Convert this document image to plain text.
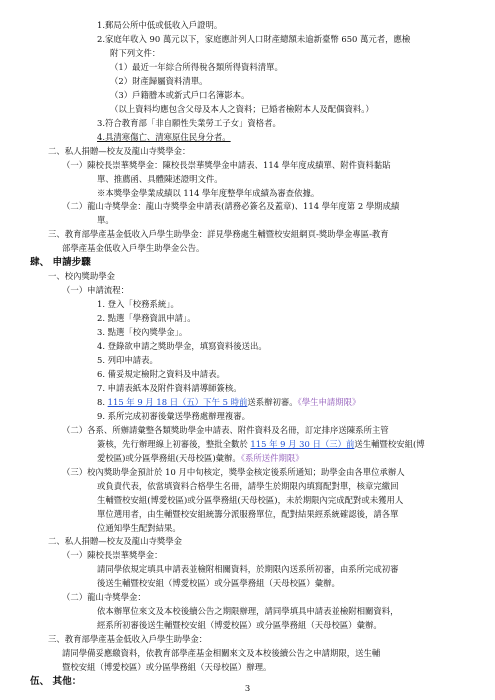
1.郵局公所中低或低收入戶證明。
2.家庭年收入 90 萬元以下，家庭應計列人口財產總額未逾新臺幣 650 萬元者，應檢
附下列文件：
（1）最近一年綜合所得稅各類所得資料清單。
（2）財產歸屬資料清單。
（3）戶籍謄本或新式戶口名簿影本。
（以上資料均應包含父母及本人之資料；已婚者檢附本人及配偶資料。）
3.符合教育部「非自願性失業勞工子女」資格者。
4.具清寒傷亡、清寒原住民身分者。
二、私人捐贈—校友及龍山寺獎學金：
（一）陳校長崇華獎學金：陳校長崇華獎學金申請表、114 學年度成績單、附件資料黏貼
單、推薦函、具體陳述證明文件。
※本獎學金學業成績以 114 學年度整學年成績為審查依據。
（二）龍山寺獎學金：龍山寺獎學金申請表(請務必簽名及蓋章)、114 學年度第 2 學期成績
單。
三、教育部學產基金低收入戶學生助學金：詳見學務處生輔暨校安組網頁-獎助學金專區-教育
部學產基金低收入戶學生助學金公告。
肆、 申請步驟
一、校內獎助學金
（一）申請流程：
1. 登入「校務系統」。
2. 點選「學務資訊申請」。
3. 點選「校內獎學金」。
4. 登錄欲申請之獎助學金，填寫資料後送出。
5. 列印申請表。
6. 備妥規定檢附之資料及申請表。
7. 申請表紙本及附件資料請導師簽核。
8. 115 年 9 月 18 日（五）下午 5 時前送系辦初審。《學生申請期限》
9. 系所完成初審後彙送學務處辦理複審。
（二）各系、所辦請彙整各類獎助學金申請表、附件資料及名冊，訂定排序送陳系所主管
簽核，先行辦理線上初審後，整批全數於 115 年 9 月 30 日（三）前送生輔暨校安組(博
愛校區)或分區學務組(天母校區)彙辦。《系所送件期限》
（三）校內獎助學金預計於 10 月中旬核定，獎學金核定後系所通知；助學金由各單位承辦人
或負責代表，依當填資料合格學生名冊，請學生於期限內填寫配對單，核章完繳回
生輔暨校安組(博愛校區)或分區學務組(天母校區)，未於期限內完成配對或未獲用人
單位選用者，由生輔暨校安組統籌分派服務單位，配對結果經系統確認後，請各單
位通知學生配對結果。
二、私人捐贈—校友及龍山寺獎學金
（一）陳校長崇華獎學金：
請同學依規定填具申請表並檢附相關資料，於期限內送系所初審，由系所完成初審
後送生輔暨校安組（博愛校區）或分區學務組（天母校區）彙辦。
（二）龍山寺獎學金：
依本辦單位來文及本校後續公告之期限辦理，請同學填具申請表並檢附相關資料，
經系所初審後送生輔暨校安組（博愛校區）或分區學務組（天母校區）彙辦。
三、教育部學產基金低收入戶學生助學金：
請同學備妥應繳資料，依教育部學產基金相關來文及本校後續公告之申請期限，送生輔
暨校安組（博愛校區）或分區學務組（天母校區）辦理。
伍、 其他：
3
